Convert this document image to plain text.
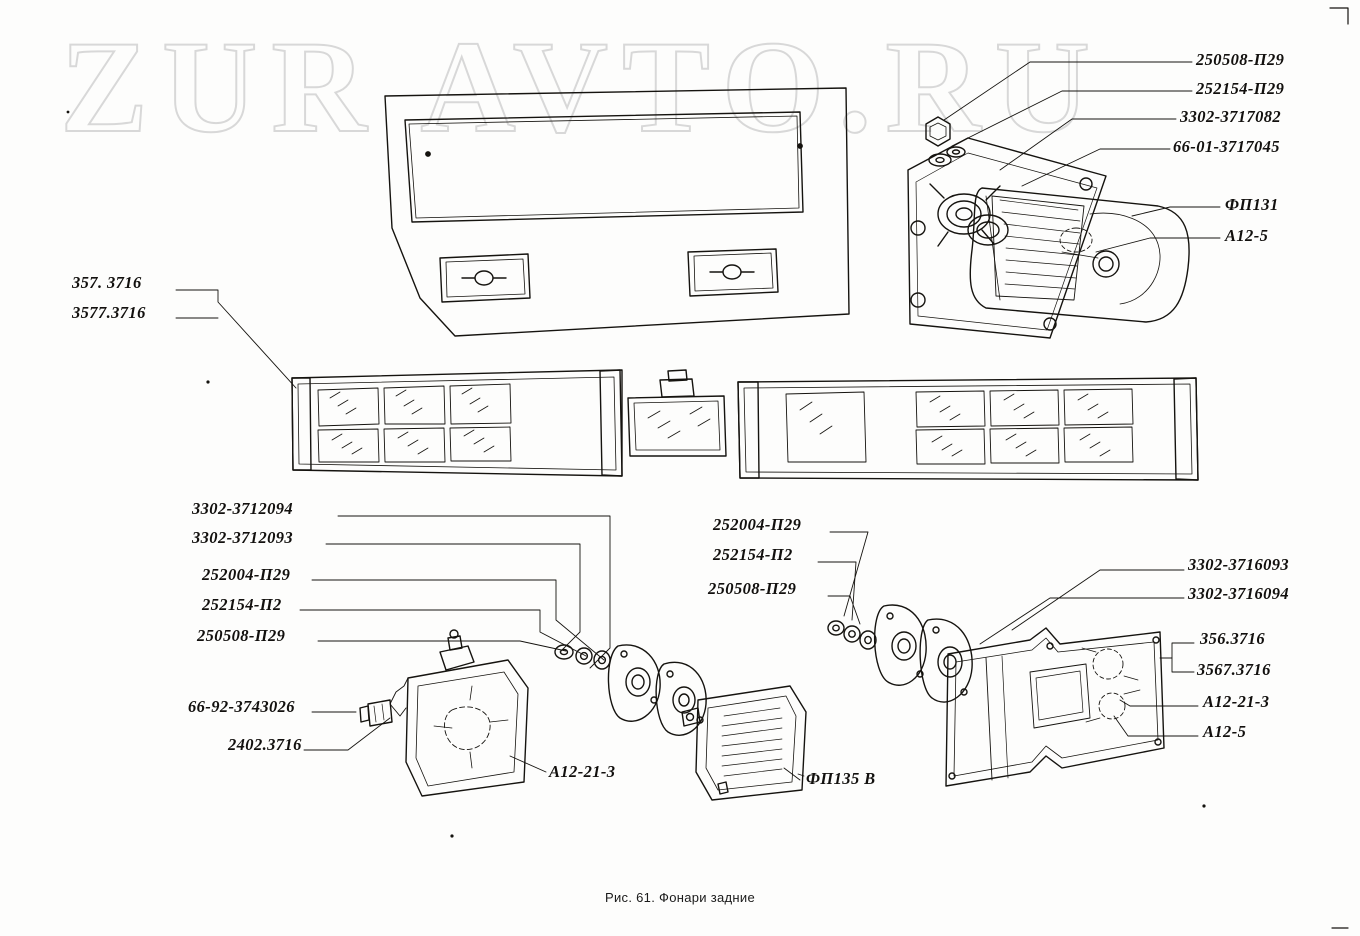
ZUR AVTO.RU	250508-П29
252154-П29
3302-3717082
66-01-3717045
ФП131
А12-5
357. 3716
3577.3716
3302-3712094
3302-3712093
252004-П29
252154-П2
250508-П29
66-92-3743026
2402.3716
252004-П29
252154-П2
250508-П29
А12-21-3	ФП135 В
3302-3716093
3302-3716094
356.3716
3567.3716
А12-21-3
А12-5
Рис. 61. Фонари задние
